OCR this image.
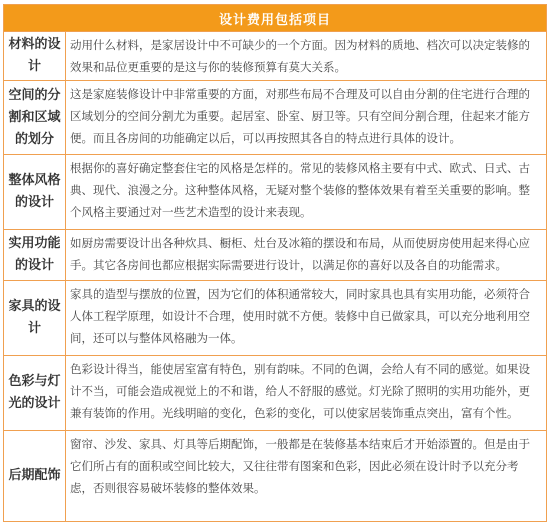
设计费用包括项目
材料的设计
动用什么材料，是家居设计中不可缺少的一个方面。因为材料的质地、档次可以决定装修的效果和品位更重要的是这与你的装修预算有莫大关系。
空间的分割和区域的划分
这是家庭装修设计中非常重要的方面，对那些布局不合理及可以自由分割的住宅进行合理的区域划分的空间分割尤为重要。起居室、卧室、厨卫等。只有空间分割合理，住起来才能方便。而且各房间的功能确定以后，可以再按照其各自的特点进行具体的设计。
整体风格的设计
根据你的喜好确定整套住宅的风格是怎样的。常见的装修风格主要有中式、欧式、日式、古典、现代、浪漫之分。这种整体风格，无疑对整个装修的整体效果有着至关重要的影响。整个风格主要通过对一些艺术造型的设计来表现。
实用功能的设计
如厨房需要设计出各种炊具、橱柜、灶台及冰箱的摆设和布局，从而使厨房使用起来得心应手。其它各房间也都应根据实际需要进行设计，以满足你的喜好以及各自的功能需求。
家具的设计
家具的造型与摆放的位置，因为它们的体积通常较大，同时家具也具有实用功能，必须符合人体工程学原理，如设计不合理，使用时就不方便。装修中自已做家具，可以充分地利用空间，还可以与整体风格融为一体。
色彩与灯光的设计
色彩设计得当，能使居室富有特色，别有韵味。不同的色调，会给人有不同的感觉。如果设计不当，可能会造成视觉上的不和谐，给人不舒服的感觉。灯光除了照明的实用功能外，更兼有装饰的作用。光线明暗的变化，色彩的变化，可以使家居装饰重点突出，富有个性。
后期配饰
窗帘、沙发、家具、灯具等后期配饰，一般都是在装修基本结束后才开始添置的。但是由于它们所占有的面积或空间比较大，又往往带有图案和色彩，因此必须在设计时予以充分考虑，否则很容易破坏装修的整体效果。
